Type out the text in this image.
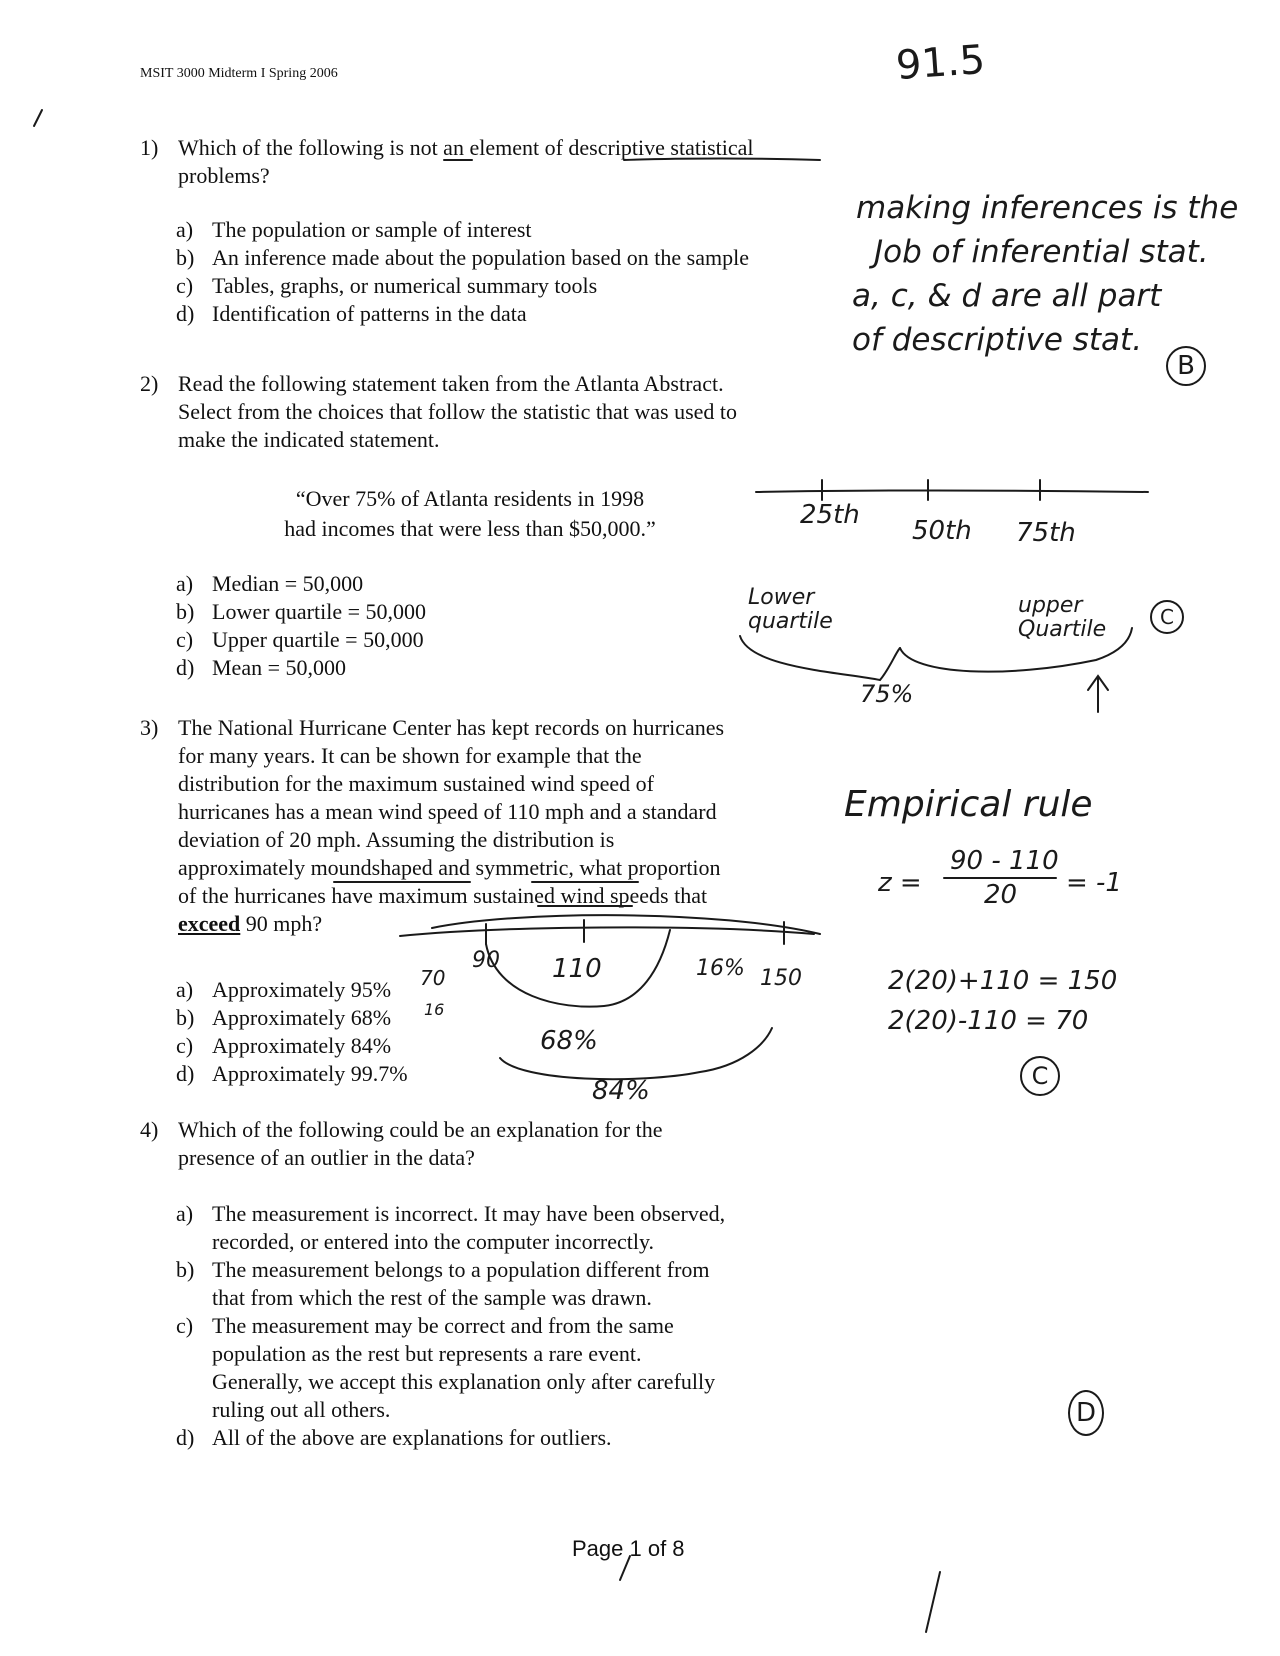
MSIT 3000 Midterm I Spring 2006	91.5
1) Which of the following is not an element of descriptive statistical
problems?
a) The population or sample of interest
b) An inference made about the population based on the sample
c) Tables, graphs, or numerical summary tools
d) Identification of patterns in the data
making inferences is the
Job of inferential stat.
a, c, & d are all part
of descriptive stat.
B
2) Read the following statement taken from the Atlanta Abstract.
Select from the choices that follow the statistic that was used to
make the indicated statement.
“Over 75% of Atlanta residents in 1998
had incomes that were less than $50,000.”
a) Median = 50,000
b) Lower quartile = 50,000
c) Upper quartile = 50,000
d) Mean = 50,000
25th
50th 75th
Lower
quartile
upper
Quartile
75%
C
3) The National Hurricane Center has kept records on hurricanes
for many years. It can be shown for example that the
distribution for the maximum sustained wind speed of
hurricanes has a mean wind speed of 110 mph and a standard
deviation of 20 mph. Assuming the distribution is
approximately moundshaped and symmetric, what proportion
of the hurricanes have maximum sustained wind speeds that
exceed 90 mph?
a) Approximately 95%
b) Approximately 68%
c) Approximately 84%
d) Approximately 99.7%
Empirical rule
z =
90 - 110
20 = -1
2(20)+110 = 150
2(20)-110 = 70
C
70
90 110	16% 150
16
68%
84%
4) Which of the following could be an explanation for the
presence of an outlier in the data?
a) The measurement is incorrect. It may have been observed,
recorded, or entered into the computer incorrectly.
b) The measurement belongs to a population different from
that from which the rest of the sample was drawn.
c) The measurement may be correct and from the same
population as the rest but represents a rare event.
Generally, we accept this explanation only after carefully
ruling out all others.
d) All of the above are explanations for outliers.
D
Page 1 of 8
